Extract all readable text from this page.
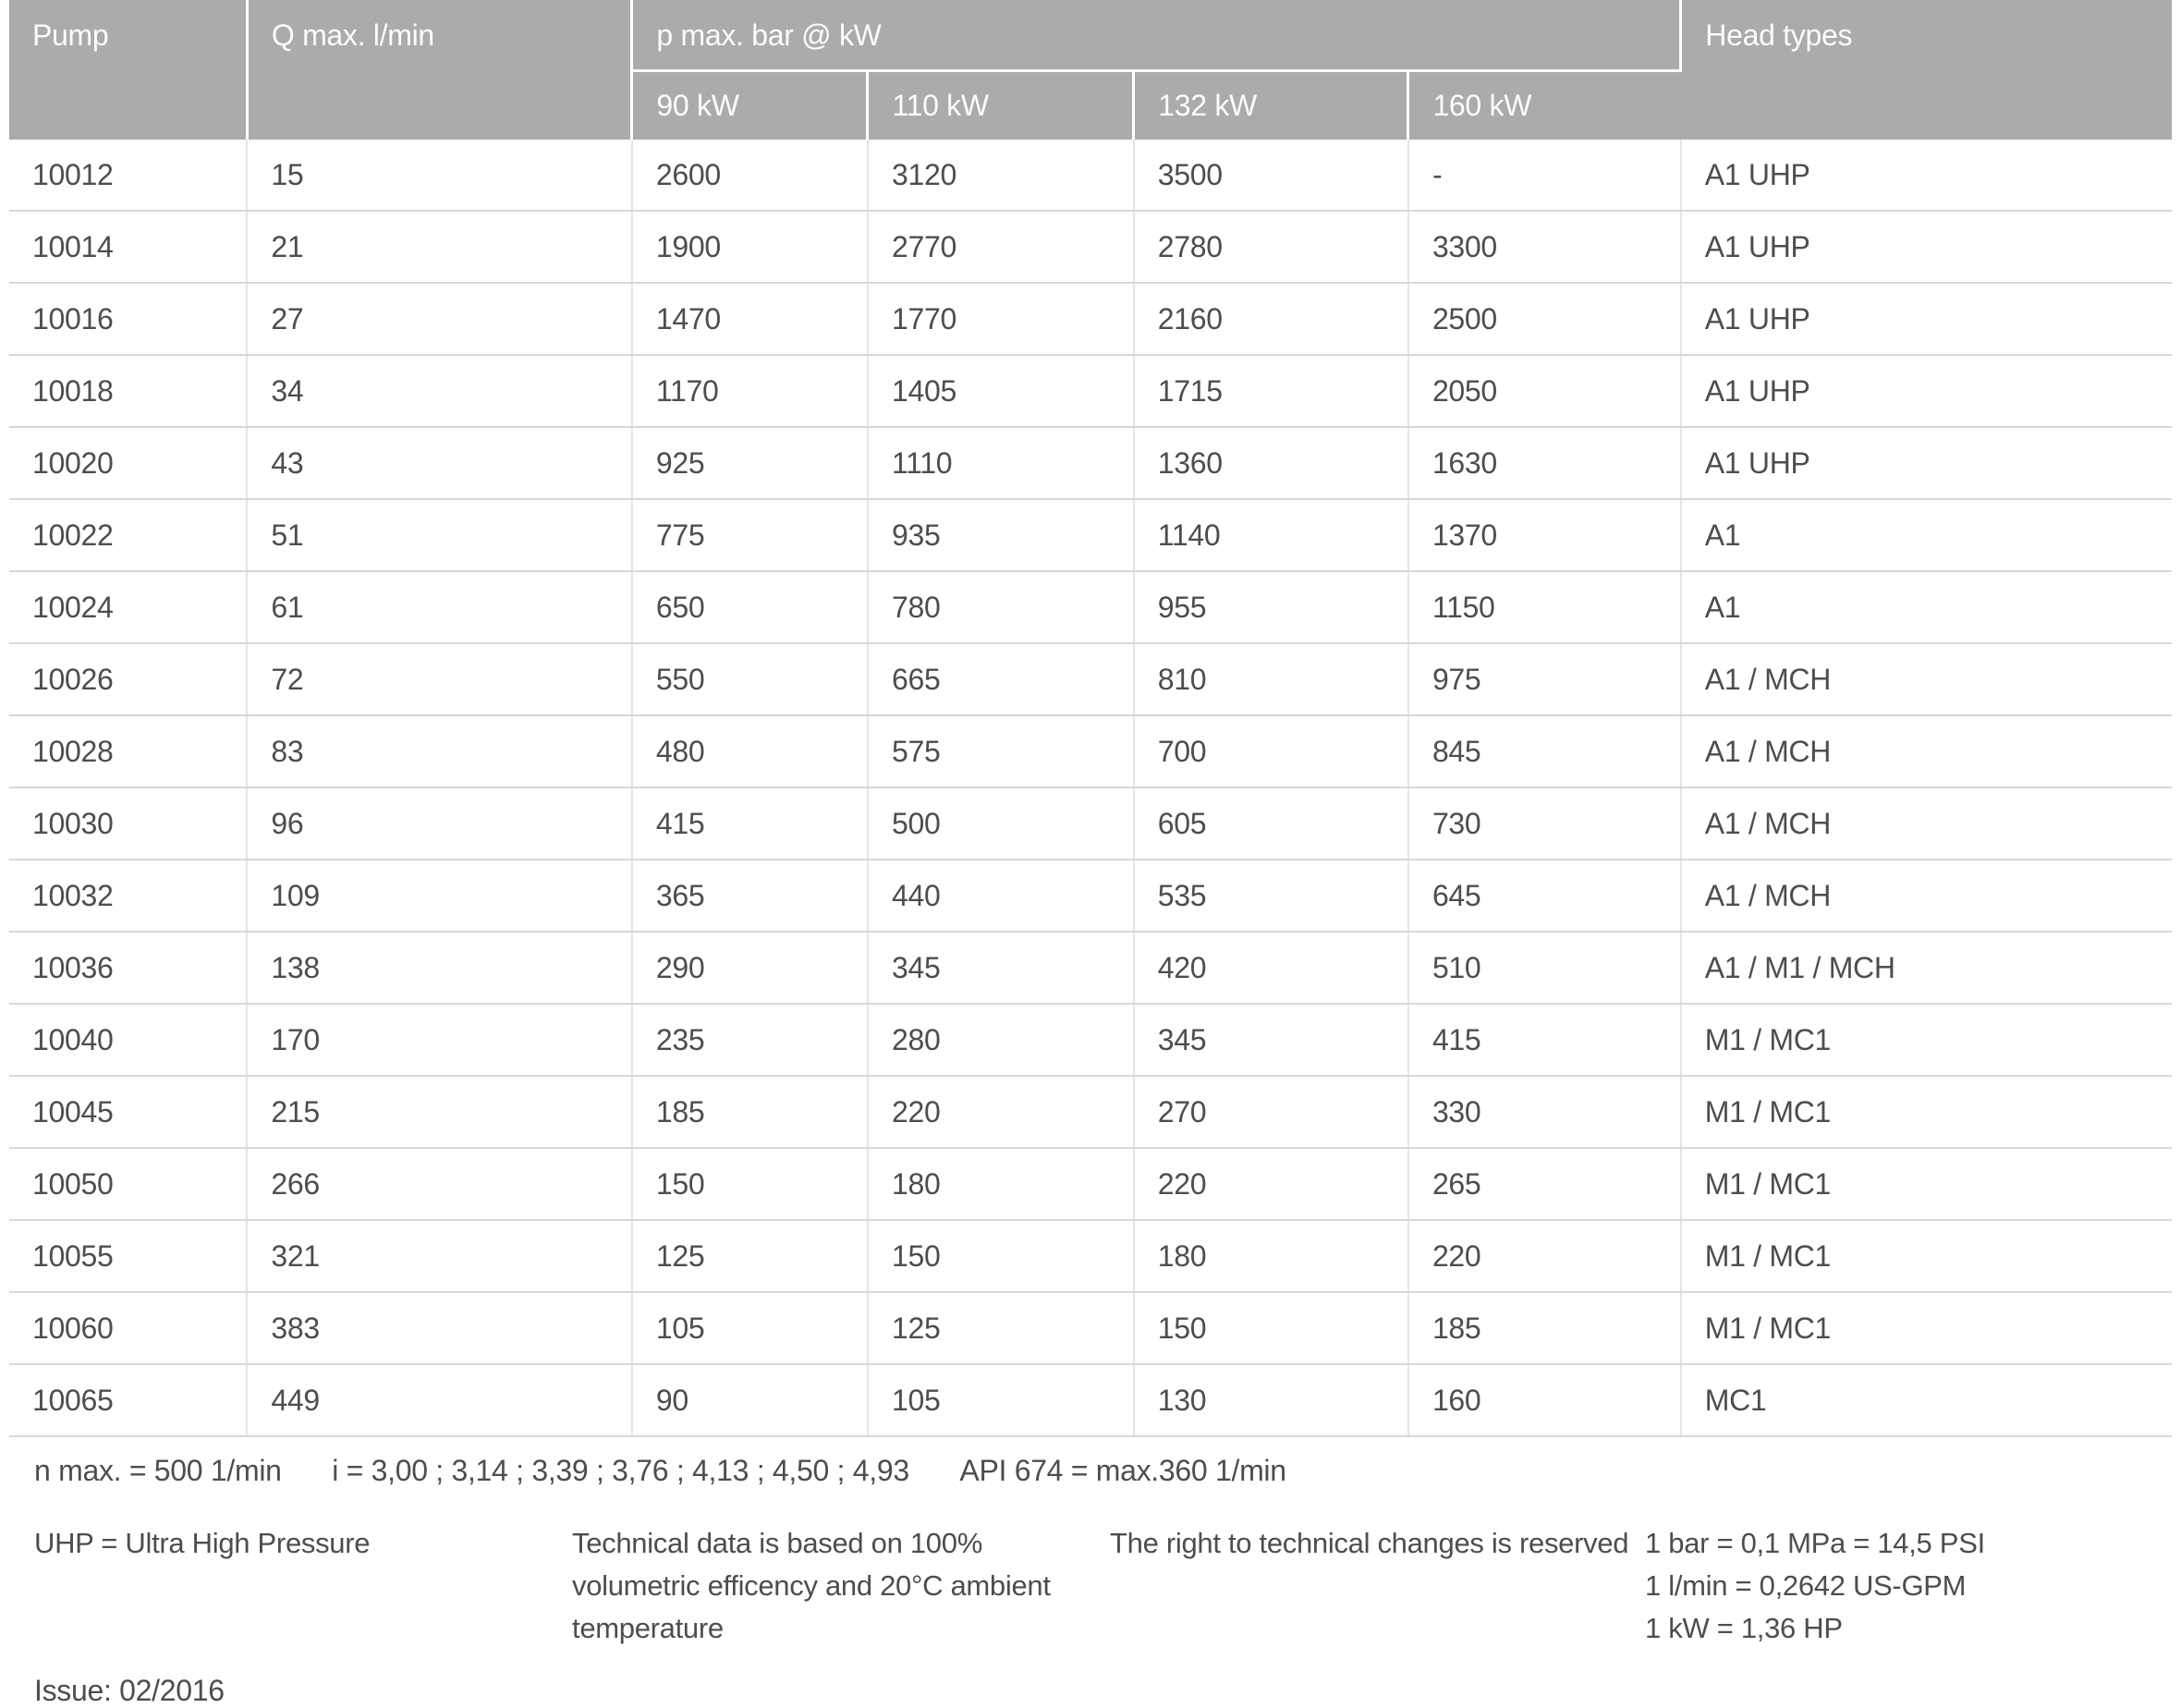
Pump	Q max. l/min	p max. bar @ kW				Head types
		90 kW	110 kW	132 kW	160 kW	
10012	15	2600	3120	3500	-	A1 UHP
10014	21	1900	2770	2780	3300	A1 UHP
10016	27	1470	1770	2160	2500	A1 UHP
10018	34	1170	1405	1715	2050	A1 UHP
10020	43	925	1110	1360	1630	A1 UHP
10022	51	775	935	1140	1370	A1
10024	61	650	780	955	1150	A1
10026	72	550	665	810	975	A1 / MCH
10028	83	480	575	700	845	A1 / MCH
10030	96	415	500	605	730	A1 / MCH
10032	109	365	440	535	645	A1 / MCH
10036	138	290	345	420	510	A1 / M1 / MCH
10040	170	235	280	345	415	M1 / MC1
10045	215	185	220	270	330	M1 / MC1
10050	266	150	180	220	265	M1 / MC1
10055	321	125	150	180	220	M1 / MC1
10060	383	105	125	150	185	M1 / MC1
10065	449	90	105	130	160	MC1
n max. = 500 1/min i = 3,00 ; 3,14 ; 3,39 ; 3,76 ; 4,13 ; 4,50 ; 4,93 API 674 = max.360 1/min
UHP = Ultra High Pressure	Technical data is based on 100% volumetric efficency and 20°C ambient temperature
The right to technical changes is reserved 1 bar = 0,1 MPa = 14,5 PSI
1 l/min = 0,2642 US-GPM
1 kW = 1,36 HP
Issue: 02/2016
